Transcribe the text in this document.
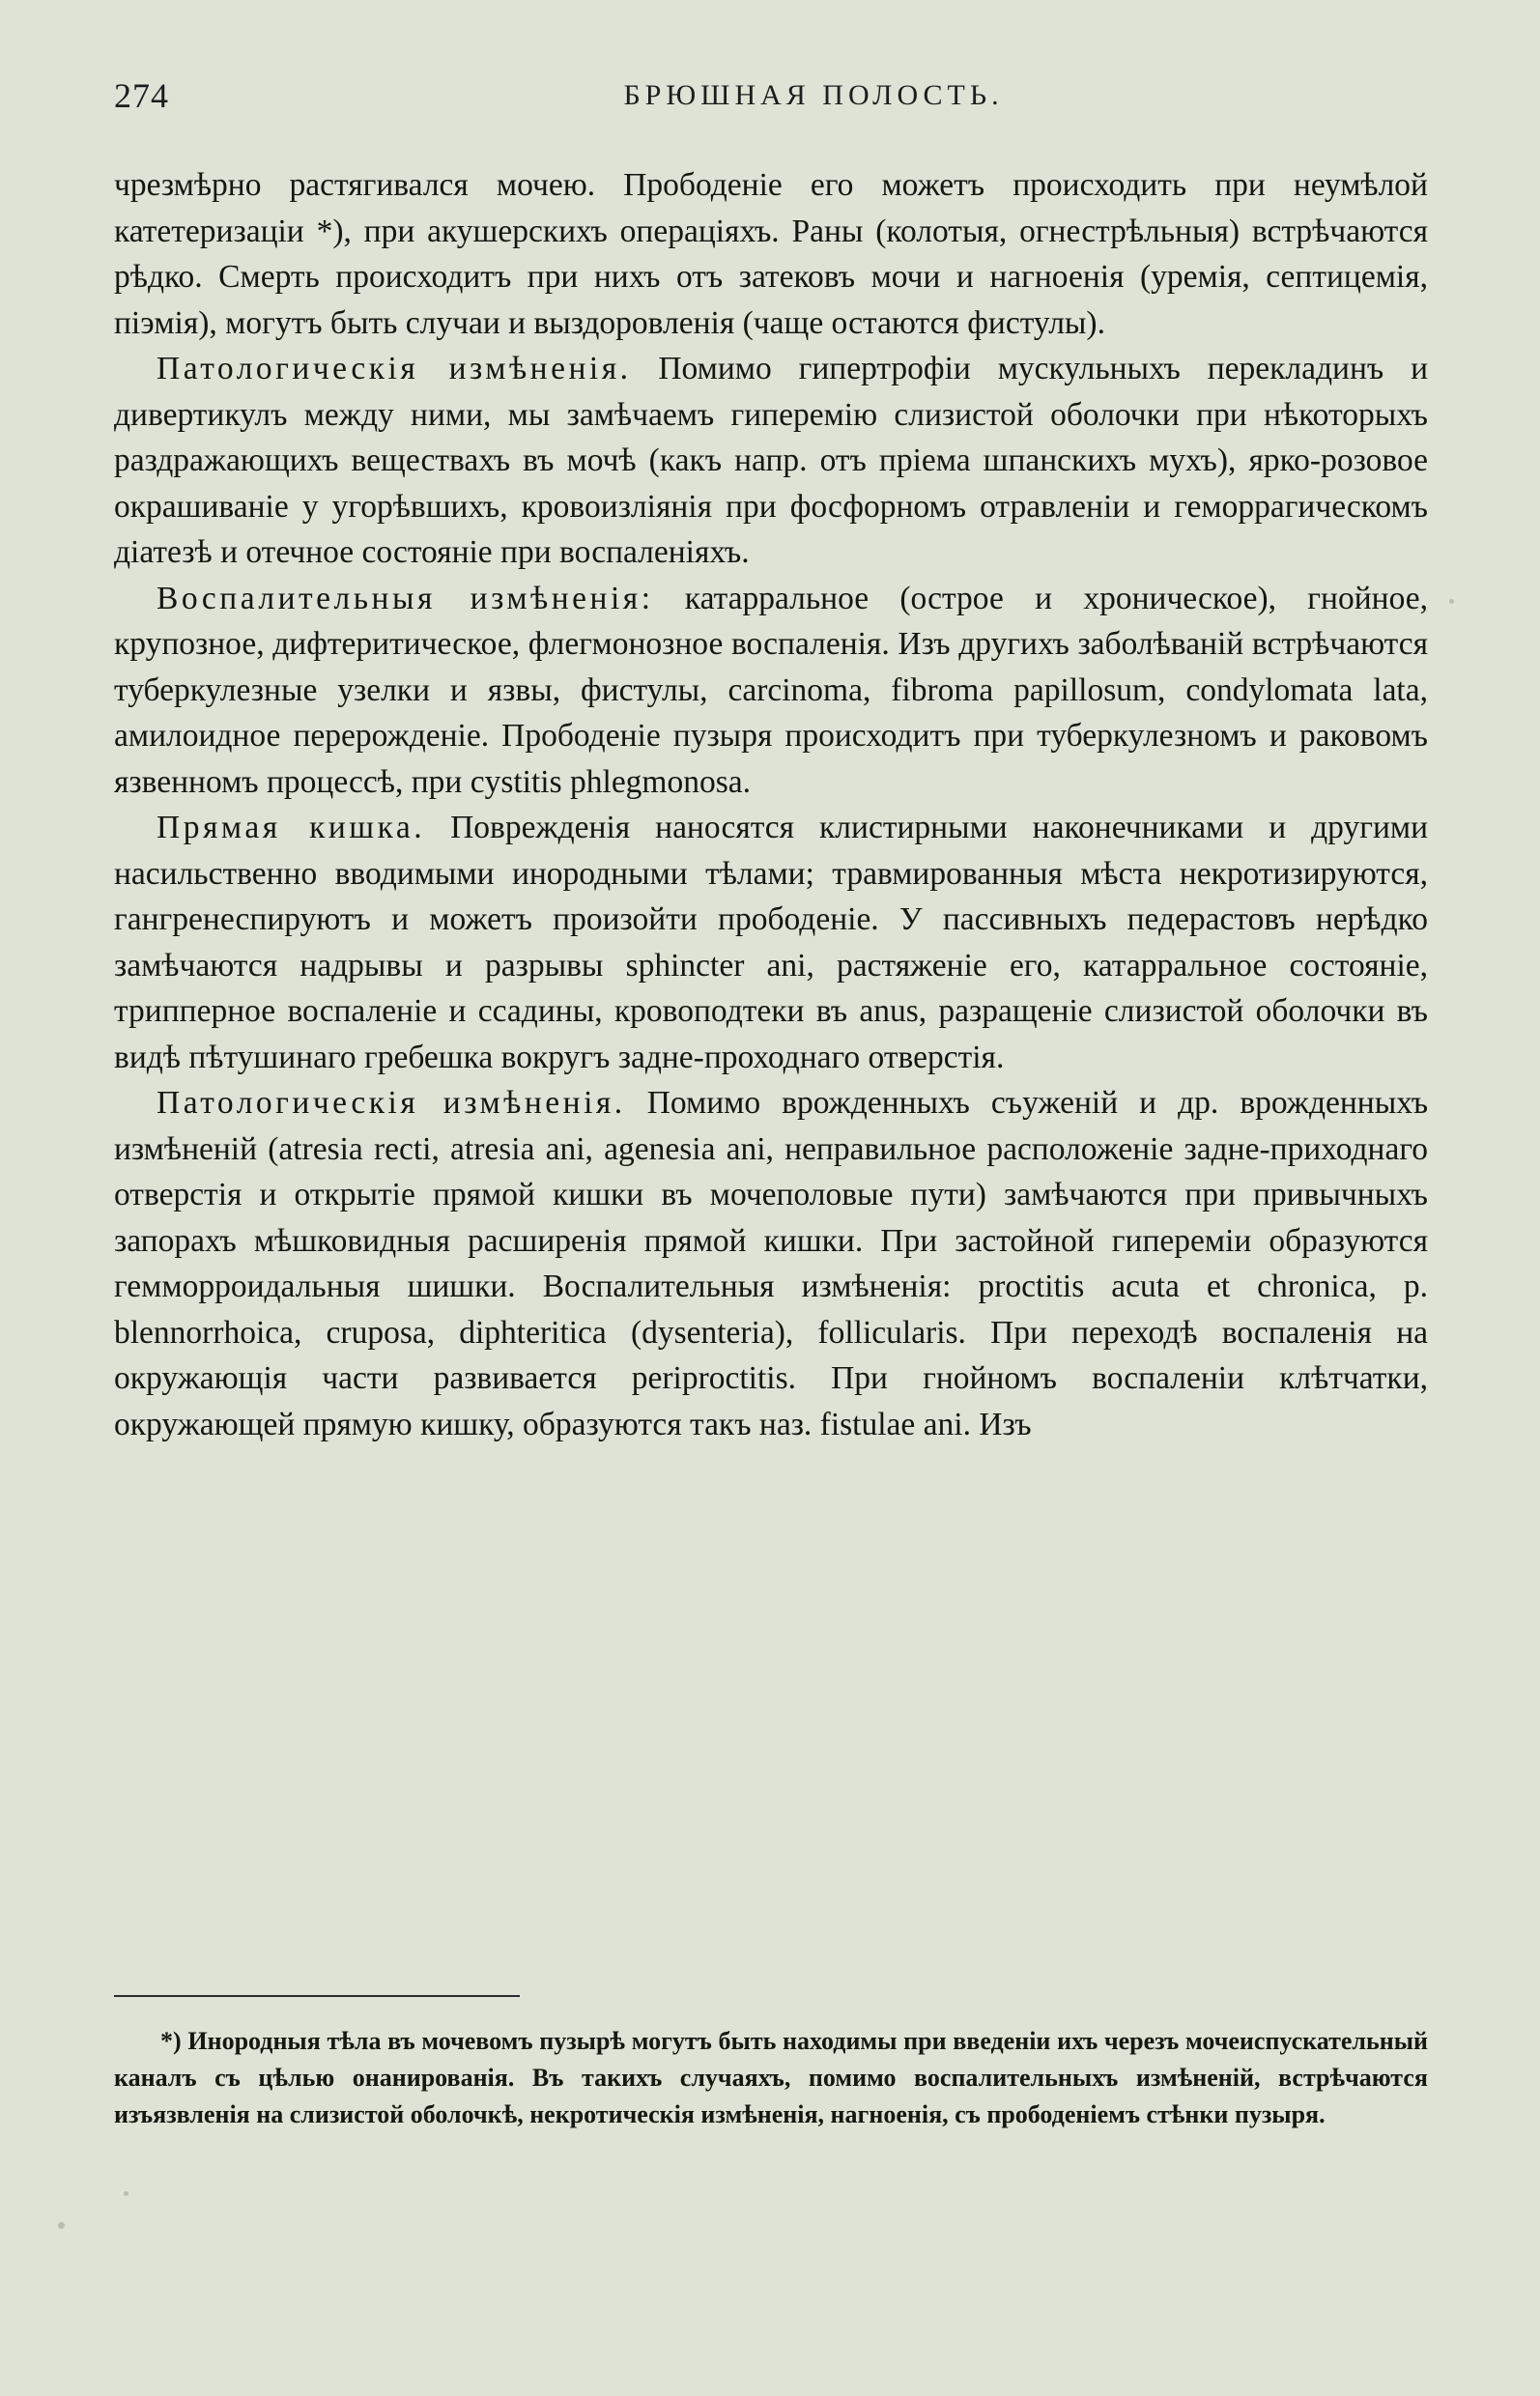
274	БРЮШНАЯ ПОЛОСТЬ.

чрезмѣрно растягивался мочею. Прободеніе его можетъ происходить при неумѣлой катетеризаціи *), при акушерскихъ операціяхъ. Раны (колотыя, огнестрѣльныя) встрѣчаются рѣдко. Смерть происходитъ при нихъ отъ затековъ мочи и нагноенія (уремія, септицемія, піэмія), могутъ быть случаи и выздоровленія (чаще остаются фистулы).

Патологическія измѣненія. Помимо гипертрофіи мускульныхъ перекладинъ и дивертикулъ между ними, мы замѣчаемъ гиперемію слизистой оболочки при нѣкоторыхъ раздражающихъ веществахъ въ мочѣ (какъ напр. отъ пріема шпанскихъ мухъ), ярко-розовое окрашиваніе у угорѣвшихъ, кровоизліянія при фосфорномъ отравленіи и геморрагическомъ діатезѣ и отечное состояніе при воспаленіяхъ.

Воспалительныя измѣненія: катарральное (острое и хроническое), гнойное, крупозное, дифтеритическое, флегмонозное воспаленія. Изъ другихъ заболѣваній встрѣчаются туберкулезные узелки и язвы, фистулы, carcinoma, fibroma papillosum, condylomata lata, амилоидное перерожденіе. Прободеніе пузыря происходитъ при туберкулезномъ и раковомъ язвенномъ процессѣ, при cystitis phlegmonosa.

Прямая кишка. Поврежденія наносятся клистирными наконечниками и другими насильственно вводимыми инородными тѣлами; травмированныя мѣста некротизируются, гангренеспируютъ и можетъ произойти прободеніе. У пассивныхъ педерастовъ нерѣдко замѣчаются надрывы и разрывы sphincter ani, растяженіе его, катарральное состояніе, трипперное воспаленіе и ссадины, кровоподтеки въ anus, разращеніе слизистой оболочки въ видѣ пѣтушинаго гребешка вокругъ задне-проходнаго отверстія.

Патологическія измѣненія. Помимо врожденныхъ съуженій и др. врожденныхъ измѣненій (atresia recti, atresia ani, agenesia ani, неправильное расположеніе задне-приходнаго отверстія и открытіе прямой кишки въ мочеполовые пути) замѣчаются при привычныхъ запорахъ мѣшковидныя расширенія прямой кишки. При застойной гипереміи образуются гемморроидальныя шишки. Воспалительныя измѣненія: proctitis acuta et chronica, p. blennorrhoica, cruposa, diphteritica (dysenteria), follicularis. При переходѣ воспаленія на окружающія части развивается periproctitis. При гнойномъ воспаленіи клѣтчатки, окружающей прямую кишку, образуются такъ наз. fistulae ani. Изъ

*) Инородныя тѣла въ мочевомъ пузырѣ могутъ быть находимы при введеніи ихъ черезъ мочеиспускательный каналъ съ цѣлью онанированія. Въ такихъ случаяхъ, помимо воспалительныхъ измѣненій, встрѣчаются изъязвленія на слизистой оболочкѣ, некротическія измѣненія, нагноенія, съ прободеніемъ стѣнки пузыря.
